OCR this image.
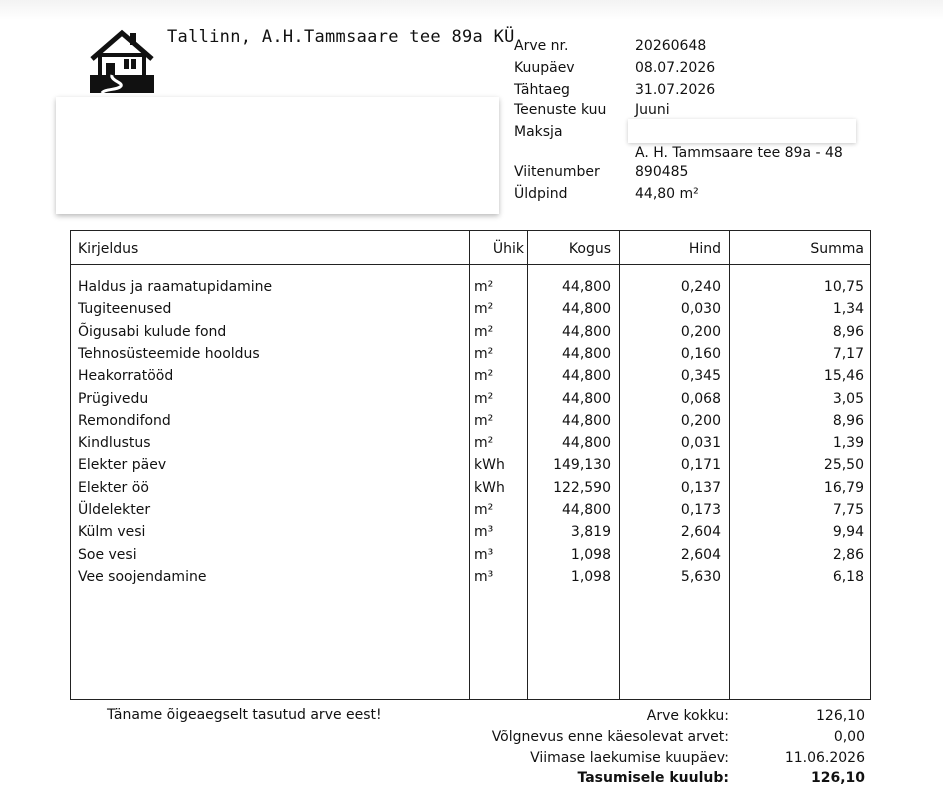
Tallinn, A.H.Tammsaare tee 89a KÜ Arve nr.	20260648
Kuupäev	08.07.2026
Tähtaeg	31.07.2026
Teenuste kuu Juuni
Maksja
A. H. Tammsaare tee 89a - 48
Viitenumber	890485
Üldpind	44,80 m²
Kirjeldus	Ühik	Kogus	Hind	Summa
Haldus ja raamatupidamine	m²	44,800	0,240	10,75
Tugiteenused	m²	44,800	0,030	1,34
Õigusabi kulude fond	m²	44,800	0,200	8,96
Tehnosüsteemide hooldus	m²	44,800	0,160	7,17
Heakorratööd	m²	44,800	0,345	15,46
Prügivedu	m²	44,800	0,068	3,05
Remondifond	m²	44,800	0,200	8,96
Kindlustus	m²	44,800	0,031	1,39
Elekter päev	kWh	149,130	0,171	25,50
Elekter öö	kWh	122,590	0,137	16,79
Üldelekter	m²	44,800	0,173	7,75
Külm vesi	m³	3,819	2,604	9,94
Soe vesi	m³	1,098	2,604	2,86
Vee soojendamine	m³	1,098	5,630	6,18
Täname õigeaegselt tasutud arve eest!	Arve kokku:	126,10
Võlgnevus enne käesolevat arvet:	0,00
Viimase laekumise kuupäev:	11.06.2026
Tasumisele kuulub:	126,10
